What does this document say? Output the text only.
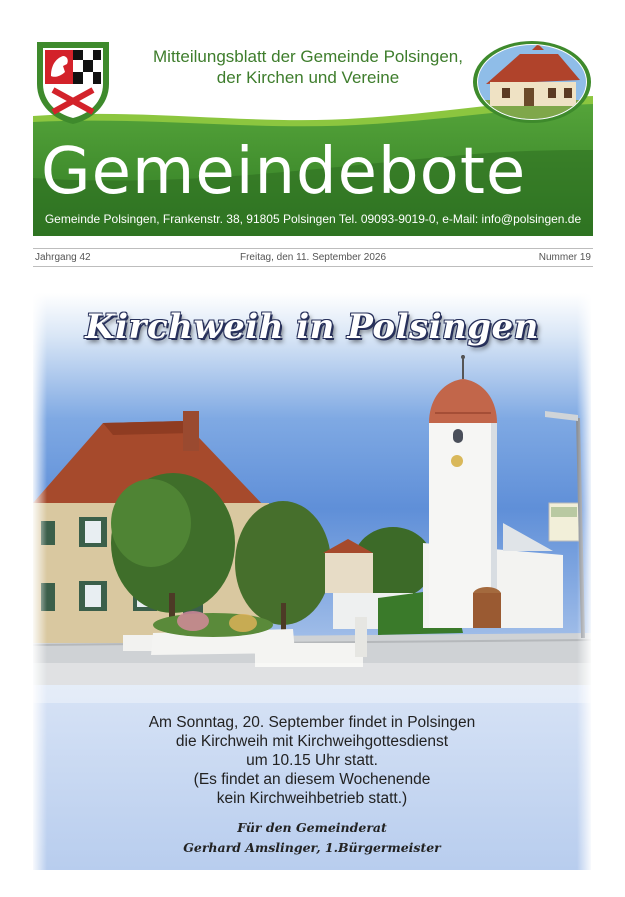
Mitteilungsblatt der Gemeinde Polsingen,
der Kirchen und Vereine
Gemeindebote
Gemeinde Polsingen, Frankenstr. 38, 91805 Polsingen Tel. 09093-9019-0, e-Mail: info@polsingen.de
Freitag, den 11. September 2026
Jahrgang 42	Nummer 19
Kirchweih in Polsingen
Am Sonntag, 20. September findet in Polsingen
die Kirchweih mit Kirchweihgottesdienst
um 10.15 Uhr statt.
(Es findet an diesem Wochenende
kein Kirchweihbetrieb statt.)
Für den Gemeinderat
Gerhard Amslinger, 1.Bürgermeister
